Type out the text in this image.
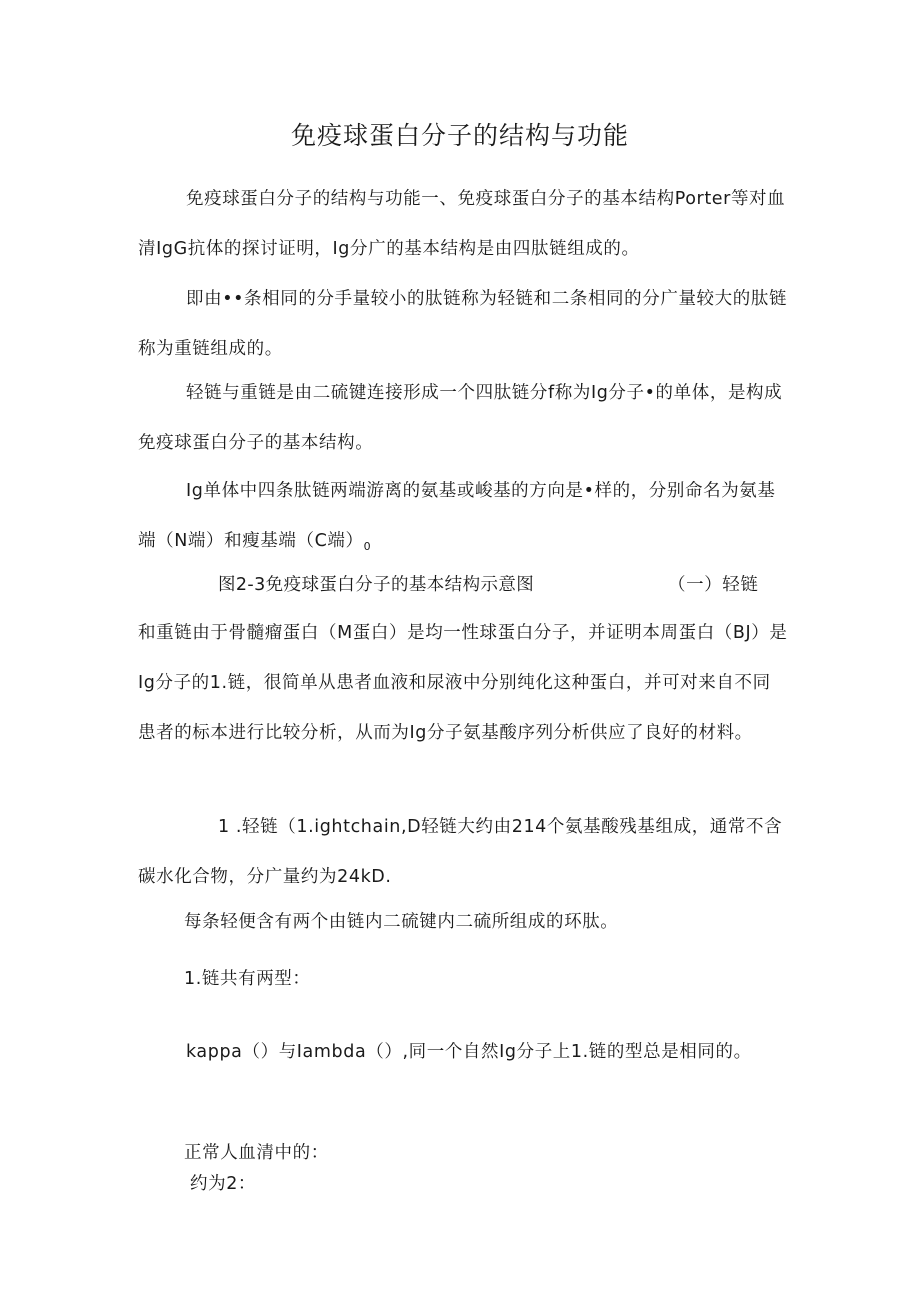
免疫球蛋白分子的结构与功能

免疫球蛋白分子的结构与功能一、免疫球蛋白分子的基本结构Porter等对血清IgG抗体的探讨证明，Ig分广的基本结构是由四肽链组成的。

即由••条相同的分手量较小的肽链称为轻链和二条相同的分广量较大的肽链称为重链组成的。

轻链与重链是由二硫键连接形成一个四肽链分f称为Ig分子•的单体，是构成免疫球蛋白分子的基本结构。

Ig单体中四条肽链两端游离的氨基或峻基的方向是•样的，分别命名为氨基端（N端）和瘦基端（C端）$_0$

图2-3免疫球蛋白分子的基本结构示意图	（一）轻链

和重链由于骨髓瘤蛋白（M蛋白）是均一性球蛋白分子，并证明本周蛋白（BJ）是Ig分子的1.链，很简单从患者血液和尿液中分别纯化这种蛋白，并可对来自不同患者的标本进行比较分析，从而为Ig分子氨基酸序列分析供应了良好的材料。

1 .轻链（1.ightchain,D轻链大约由214个氨基酸残基组成，通常不含碳水化合物，分广量约为24kD.

每条轻便含有两个由链内二硫键内二硫所组成的环肽。
1.链共有两型：

kappa（）与Iambda（）,同一个自然Ig分子上1.链的型总是相同的。

正常人血清中的：
约为2：
